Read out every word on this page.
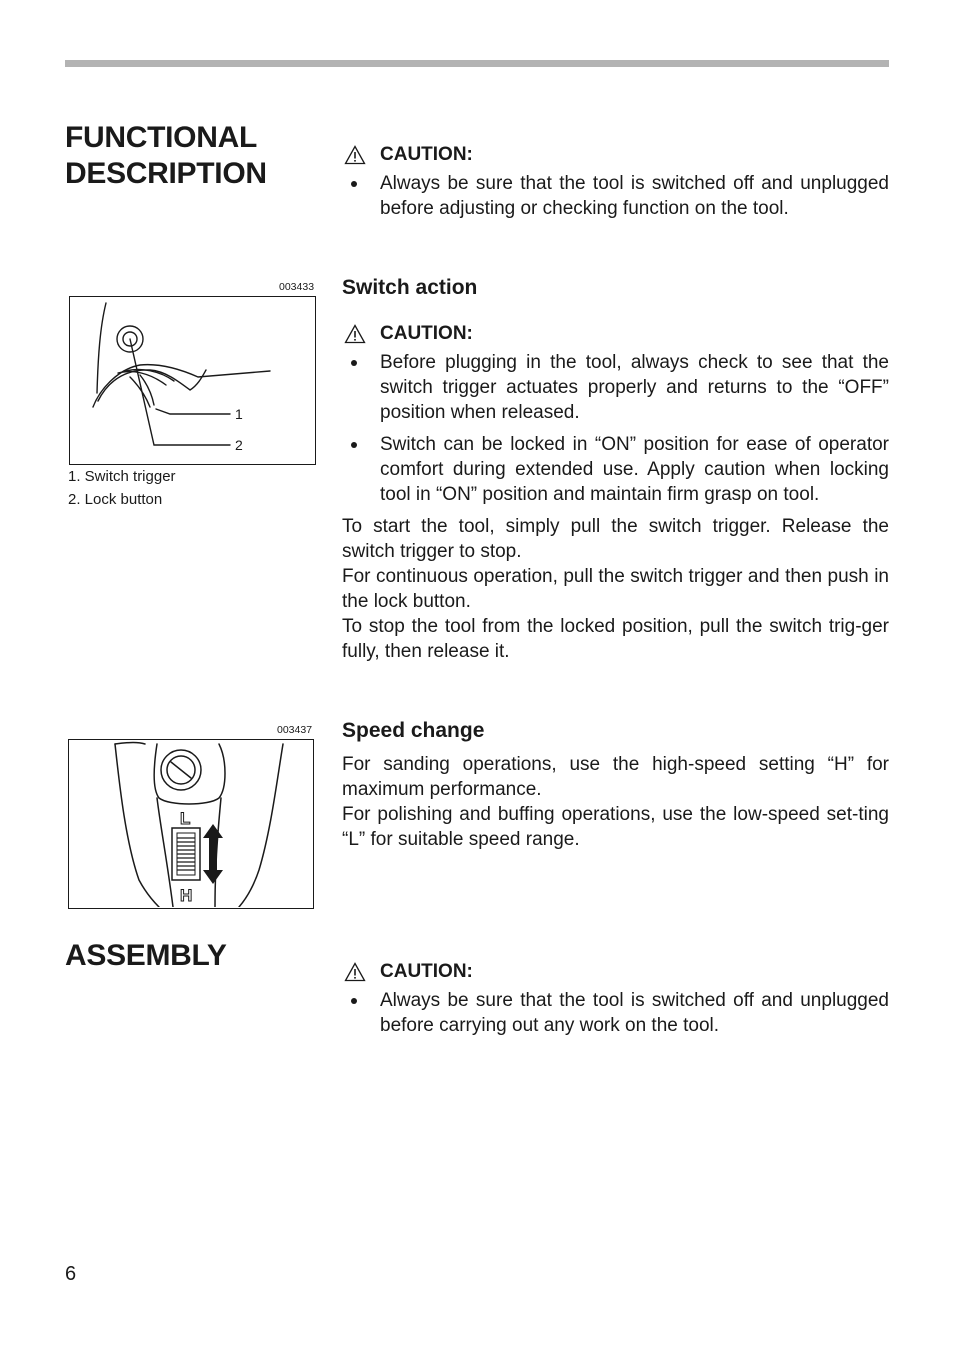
FUNCTIONAL
DESCRIPTION
CAUTION:
Always be sure that the tool is switched off and unplugged before adjusting or checking function on the tool.
003433
1
2
1. Switch trigger
2. Lock button
Switch action
CAUTION:
Before plugging in the tool, always check to see that the switch trigger actuates properly and returns to the “OFF” position when released.
Switch can be locked in “ON” position for ease of operator comfort during extended use. Apply caution when locking tool in “ON” position and maintain firm grasp on tool.

To start the tool, simply pull the switch trigger. Release the switch trigger to stop.

For continuous operation, pull the switch trigger and then push in the lock button.

To stop the tool from the locked position, pull the switch trig-ger fully, then release it.

003437
L
H
Speed change

For sanding operations, use the high-speed setting “H” for maximum performance.

For polishing and buffing operations, use the low-speed set-ting “L” for suitable speed range.

ASSEMBLY	CAUTION:
Always be sure that the tool is switched off and unplugged before carrying out any work on the tool.
6
